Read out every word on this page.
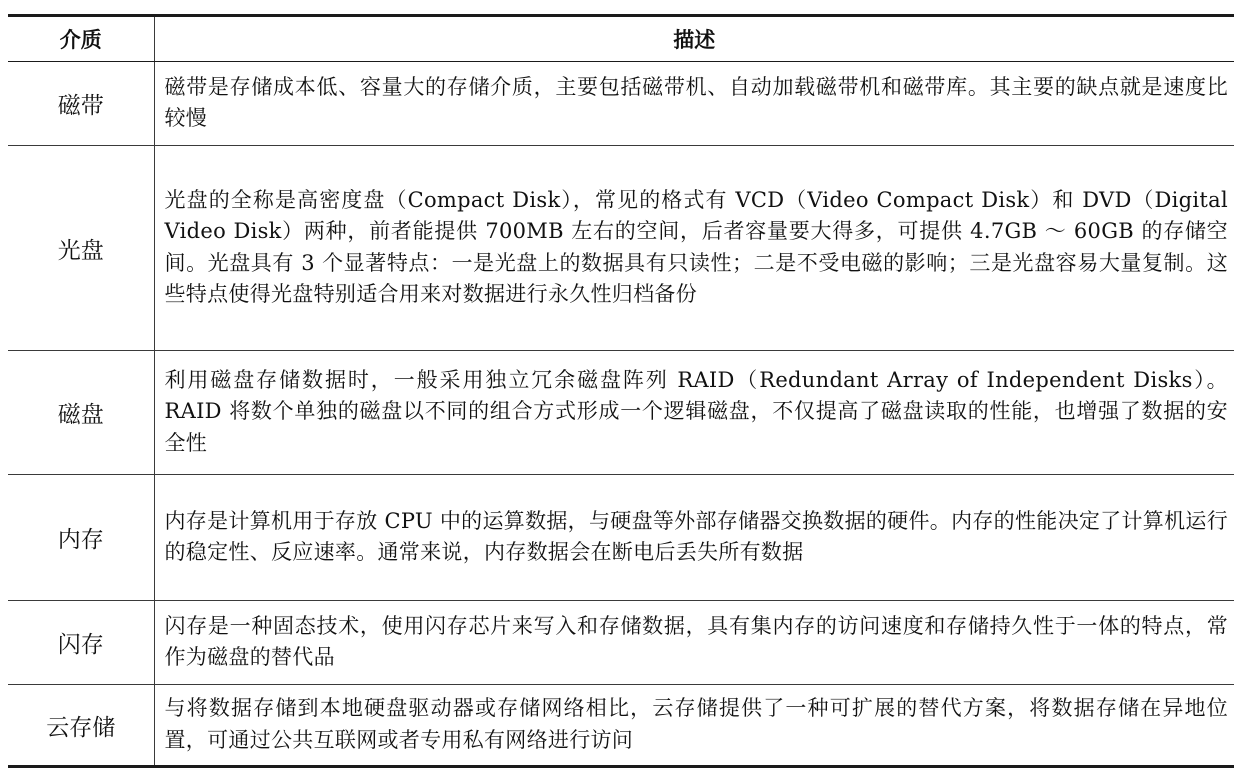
介质	描述
磁带	磁带是存储成本低、容量大的存储介质，主要包括磁带机、自动加载磁带机和磁带库。其主要的缺点就是速度比较慢
光盘	光盘的全称是高密度盘（Compact Disk），常见的格式有 VCD（Video Compact Disk）和 DVD（Digital Video Disk）两种，前者能提供 700MB 左右的空间，后者容量要大得多，可提供 4.7GB ～ 60GB 的存储空间。光盘具有 3 个显著特点：一是光盘上的数据具有只读性；二是不受电磁的影响；三是光盘容易大量复制。这些特点使得光盘特别适合用来对数据进行永久性归档备份
磁盘	利用磁盘存储数据时，一般采用独立冗余磁盘阵列 RAID（Redundant Array of Independent Disks）。RAID 将数个单独的磁盘以不同的组合方式形成一个逻辑磁盘，不仅提高了磁盘读取的性能，也增强了数据的安全性
内存	内存是计算机用于存放 CPU 中的运算数据，与硬盘等外部存储器交换数据的硬件。内存的性能决定了计算机运行的稳定性、反应速率。通常来说，内存数据会在断电后丢失所有数据
闪存	闪存是一种固态技术，使用闪存芯片来写入和存储数据，具有集内存的访问速度和存储持久性于一体的特点，常作为磁盘的替代品
云存储	与将数据存储到本地硬盘驱动器或存储网络相比，云存储提供了一种可扩展的替代方案，将数据存储在异地位置，可通过公共互联网或者专用私有网络进行访问
